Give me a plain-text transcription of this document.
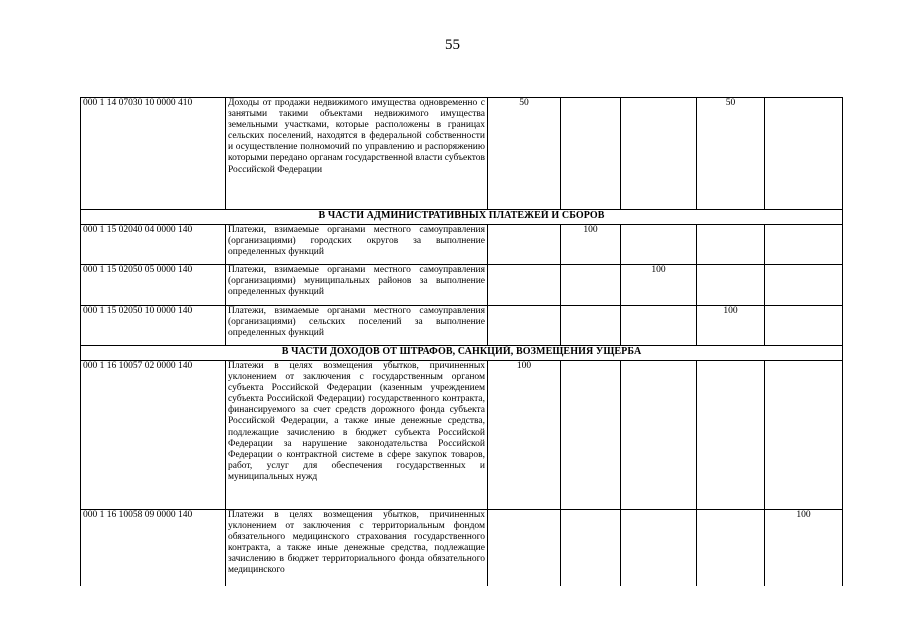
55
000 1 14 07030 10 0000 410	Доходы от продажи недвижимого имущества одновременно с занятыми такими объектами недвижимого имущества земельными участками, которые расположены в границах сельских поселений, находятся в федеральной собственности и осуществление полномочий по управлению и распоряжению которыми передано органам государственной власти субъектов Российской Федерации	50			50	
В ЧАСТИ АДМИНИСТРАТИВНЫХ ПЛАТЕЖЕЙ И СБОРОВ						
000 1 15 02040 04 0000 140	Платежи, взимаемые органами местного самоуправления (организациями) городских округов за выполнение определенных функций		100			
000 1 15 02050 05 0000 140	Платежи, взимаемые органами местного самоуправления (организациями) муниципальных районов за выполнение определенных функций			100		
000 1 15 02050 10 0000 140	Платежи, взимаемые органами местного самоуправления (организациями) сельских поселений за выполнение определенных функций				100	
В ЧАСТИ ДОХОДОВ ОТ ШТРАФОВ, САНКЦИЙ, ВОЗМЕЩЕНИЯ УЩЕРБА						
000 1 16 10057 02 0000 140	Платежи в целях возмещения убытков, причиненных уклонением от заключения с государственным органом субъекта Российской Федерации (казенным учреждением субъекта Российской Федерации) государственного контракта, финансируемого за счет средств дорожного фонда субъекта Российской Федерации, а также иные денежные средства, подлежащие зачислению в бюджет субъекта Российской Федерации за нарушение законодательства Российской Федерации о контрактной системе в сфере закупок товаров, работ, услуг для обеспечения государственных и муниципальных нужд	100				
000 1 16 10058 09 0000 140	Платежи в целях возмещения убытков, причиненных уклонением от заключения с территориальным фондом обязательного медицинского страхования государственного контракта, а также иные денежные средства, подлежащие зачислению в бюджет территориального фонда обязательного медицинского					100
